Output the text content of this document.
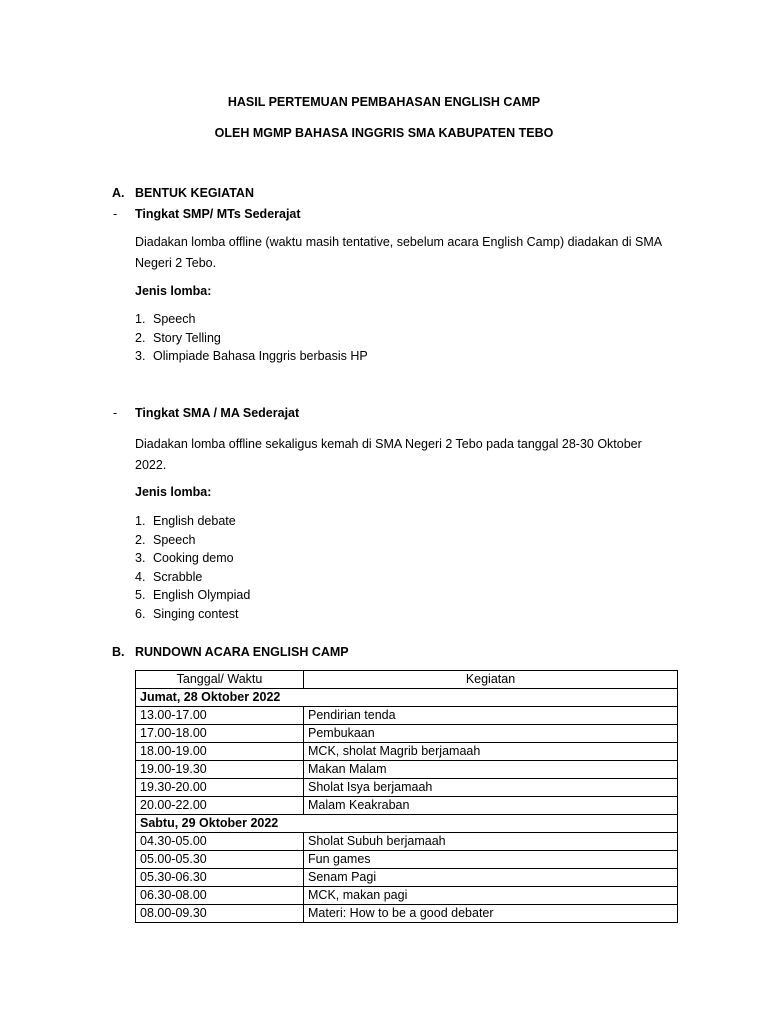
HASIL PERTEMUAN PEMBAHASAN ENGLISH CAMP
OLEH MGMP BAHASA INGGRIS SMA KABUPATEN TEBO
A. BENTUK KEGIATAN
- Tingkat SMP/ MTs Sederajat
Diadakan lomba offline (waktu masih tentative, sebelum acara English Camp) diadakan di SMA Negeri 2 Tebo.
Jenis lomba:
1. Speech
2. Story Telling
3. Olimpiade Bahasa Inggris berbasis HP
- Tingkat SMA / MA Sederajat
Diadakan lomba offline sekaligus kemah di SMA Negeri 2 Tebo pada tanggal 28-30 Oktober 2022.
Jenis lomba:
1. English debate
2. Speech
3. Cooking demo
4. Scrabble
5. English Olympiad
6. Singing contest
B. RUNDOWN ACARA ENGLISH CAMP
Tanggal/ Waktu	Kegiatan
Jumat, 28 Oktober 2022	
13.00-17.00	Pendirian tenda
17.00-18.00	Pembukaan
18.00-19.00	MCK, sholat Magrib berjamaah
19.00-19.30	Makan Malam
19.30-20.00	Sholat Isya berjamaah
20.00-22.00	Malam Keakraban
Sabtu, 29 Oktober 2022	
04.30-05.00	Sholat Subuh berjamaah
05.00-05.30	Fun games
05.30-06.30	Senam Pagi
06.30-08.00	MCK, makan pagi
08.00-09.30	Materi: How to be a good debater
